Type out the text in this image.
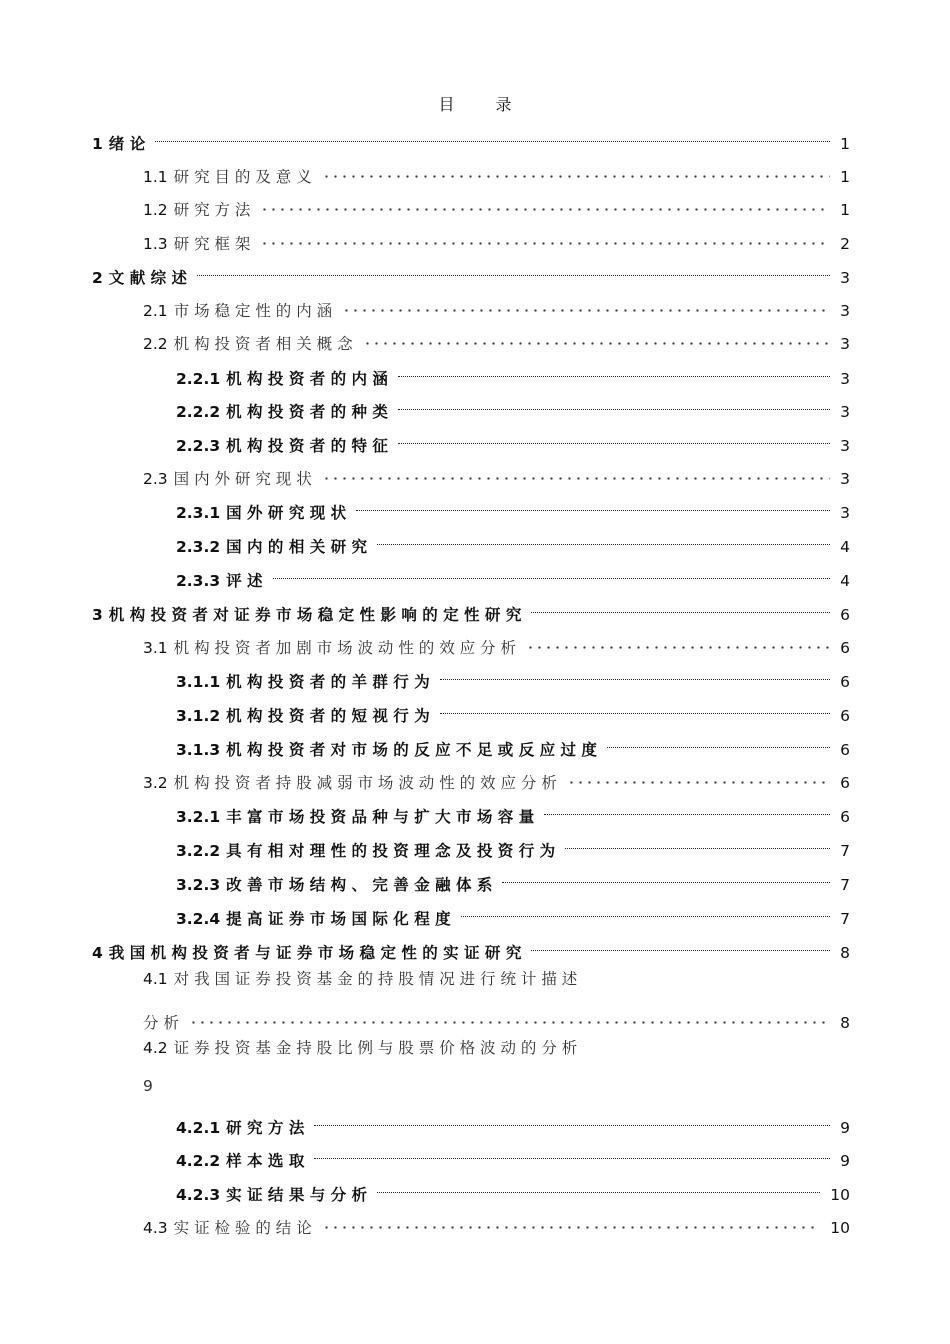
目 录
1 绪 论	1
1.1 研 究 目 的 及 意 义	1
1.2 研 究 方 法	1
1.3 研 究 框 架	2
2 文 献 综 述	3
2.1 市 场 稳 定 性 的 内 涵	3
2.2 机 构 投 资 者 相 关 概 念	3
2.2.1 机 构 投 资 者 的 内 涵	3
2.2.2 机 构 投 资 者 的 种 类	3
2.2.3 机 构 投 资 者 的 特 征	3
2.3 国 内 外 研 究 现 状	3
2.3.1 国 外 研 究 现 状	3
2.3.2 国 内 的 相 关 研 究	4
2.3.3 评 述	4
3 机 构 投 资 者 对 证 券 市 场 稳 定 性 影 响 的 定 性 研 究	6
3.1 机 构 投 资 者 加 剧 市 场 波 动 性 的 效 应 分 析	6
3.1.1 机 构 投 资 者 的 羊 群 行 为	6
3.1.2 机 构 投 资 者 的 短 视 行 为	6
3.1.3 机 构 投 资 者 对 市 场 的 反 应 不 足 或 反 应 过 度	6
3.2 机 构 投 资 者 持 股 减 弱 市 场 波 动 性 的 效 应 分 析	6
3.2.1 丰 富 市 场 投 资 品 种 与 扩 大 市 场 容 量	6
3.2.2 具 有 相 对 理 性 的 投 资 理 念 及 投 资 行 为	7
3.2.3 改 善 市 场 结 构 、 完 善 金 融 体 系	7
3.2.4 提 高 证 券 市 场 国 际 化 程 度	7
4 我 国 机 构 投 资 者 与 证 券 市 场 稳 定 性 的 实 证 研 究	8
4.1 对 我 国 证 券 投 资 基 金 的 持 股 情 况 进 行 统 计 描 述
分 析	8
4.2 证 券 投 资 基 金 持 股 比 例 与 股 票 价 格 波 动 的 分 析
9
4.2.1 研 究 方 法	9
4.2.2 样 本 选 取	9
4.2.3 实 证 结 果 与 分 析	10
4.3 实 证 检 验 的 结 论	10
